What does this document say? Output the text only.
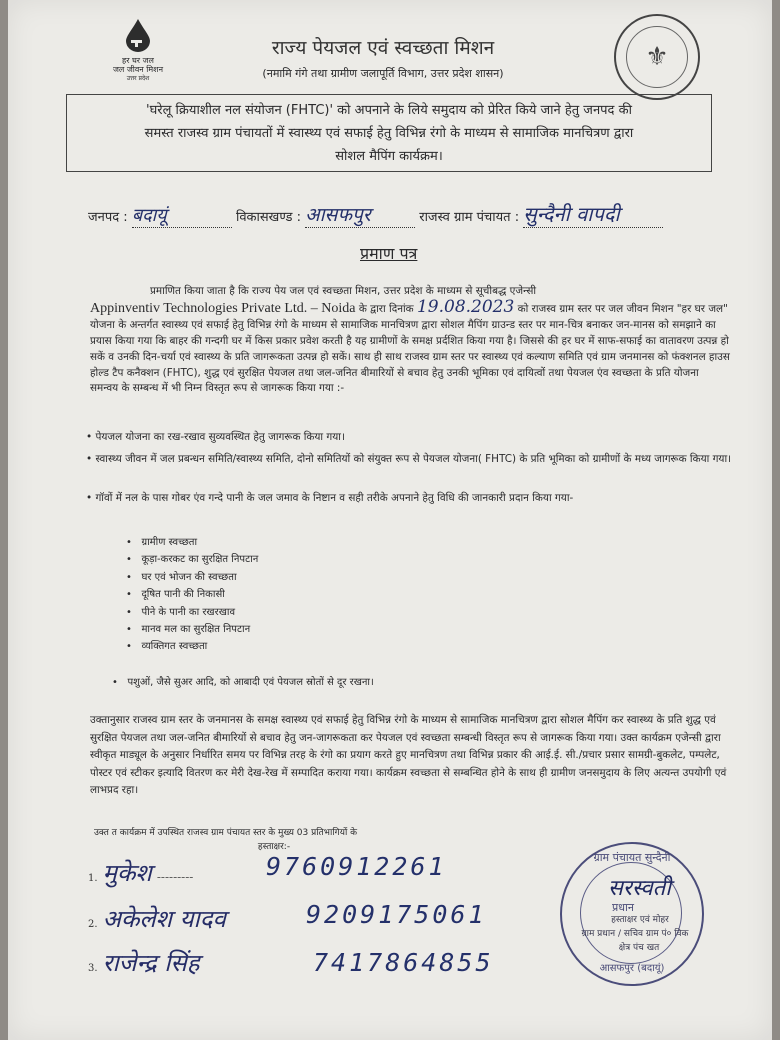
हर घर जल
जल जीवन मिशन
उत्तर प्रदेश
राज्य पेयजल एवं स्वच्छता मिशन
(नमामि गंगे तथा ग्रामीण जलापूर्ति विभाग, उत्तर प्रदेश शासन)
⚜
'घरेलू क्रियाशील नल संयोजन (FHTC)' को अपनाने के लिये समुदाय को प्रेरित किये जाने हेतु जनपद की
समस्त राजस्व ग्राम पंचायतों में स्वास्थ्य एवं सफाई हेतु विभिन्न रंगो के माध्यम से सामाजिक मानचित्रण द्वारा
सोशल मैपिंग कार्यक्रम।
जनपद : बदायूं	विकासखण्ड : आसफपुर	राजस्व ग्राम पंचायत : सुन्दैनी वापदी
प्रमाण पत्र
प्रमाणित किया जाता है कि राज्य पेय जल एवं स्वच्छता मिशन, उत्तर प्रदेश के माध्यम से सूचीबद्ध एजेन्सी
Appinventiv Technologies Private Ltd. – Noida के द्वारा दिनांक 19.08.2023 को राजस्व ग्राम स्तर पर जल जीवन मिशन "हर घर जल" योजना के अन्तर्गत स्वास्थ्य एवं सफाई हेतु विभिन्न रंगो के माध्यम से सामाजिक मानचित्रण द्वारा सोशल मैपिंग ग्राउन्ड स्तर पर मान-चित्र बनाकर जन-मानस को समझाने का प्रयास किया गया कि बाहर की गन्दगी घर में किस प्रकार प्रवेश करती है यह ग्रामीणों के समक्ष प्रर्दशित किया गया है। जिससे की हर घर में साफ-सफाई का वातावरण उत्पन्न हो सकें व उनकी दिन-चर्या एवं स्वास्थ्य के प्रति जागरूकता उत्पन्न हो सकें। साथ ही साथ राजस्व ग्राम स्तर पर स्वास्थ्य एवं कल्याण समिति एवं ग्राम जनमानस को फंक्शनल हाउस होल्ड टैप कनैक्शन (FHTC), शुद्ध एवं सुरक्षित पेयजल तथा जल-जनित बीमारियों से बचाव हेतु उनकी भूमिका एवं दायित्वों तथा पेयजल एंव स्वच्छता के प्रति योजना समन्वय के सम्बन्ध में भी निम्न विस्तृत रूप से जागरूक किया गया :-
• पेयजल योजना का रख-रखाव सुव्यवस्थित हेतु जागरूक किया गया।
• स्वास्थ्य जीवन में जल प्रबन्धन समिति/स्वास्थ्य समिति, दोनो समितियों को संयुक्त रूप से पेयजल योजना( FHTC) के प्रति भूमिका को ग्रामीणों के मध्य जागरूक किया गया।
• गॉवों में नल के पास गोबर एंव गन्दे पानी के जल जमाव के निष्टान व सही तरीके अपनाने हेतु विधि की जानकारी प्रदान किया गया-
•   ग्रामीण स्वच्छता
•   कूड़ा-करकट का सुरक्षित निपटान
•   घर एवं भोजन की स्वच्छता
•   दूषित पानी की निकासी
•   पीने के पानी का रखरखाव
•   मानव मल का सुरक्षित निपटान
•   व्यक्तिगत स्वच्छता
•   पशुओं, जैसे सुअर आदि, को आबादी एवं पेयजल स्रोतों से दूर रखना।
उक्तानुसार राजस्व ग्राम स्तर के जनमानस के समक्ष स्वास्थ्य एवं सफाई हेतु विभिन्न रंगो के माध्यम से सामाजिक मानचित्रण द्वारा सोशल मैपिंग कर स्वास्थ्य के प्रति शुद्ध एवं सुरक्षित पेयजल तथा जल-जनित बीमारियों से बचाव हेतु जन-जागरूकता कर पेयजल एवं स्वच्छता सम्बन्धी विस्तृत रूप से जागरूक किया गया। उक्त कार्यक्रम एजेन्सी द्वारा स्वीकृत माड्यूल के अनुसार निर्धारित समय पर विभिन्न तरह के रंगो का प्रयाग करते हुए मानचित्रण तथा विभिन्न प्रकार की आई.ई. सी./प्रचार प्रसार सामग्री-बुकलेट, पम्पलेट, पोस्टर एवं स्टीकर इत्यादि वितरण कर मेरी देख-रेख में सम्पादित कराया गया। कार्यक्रम स्वच्छता से सम्बन्धित होने के साथ ही ग्रामीण जनसमुदाय के लिए अत्यन्त उपयोगी एवं लाभप्रद रहा।
उक्त त कार्यक्रम में उपस्थित राजस्व ग्राम पंचायत स्तर के मुख्य 03 प्रतिभागियों के
हस्ताक्षर:-
1. मुकेश ---------	9760912261
2. अकेलेश यादव	9209175061
3. राजेन्द्र सिंह	7417864855
ग्राम पंचायत सुन्दैनी
सरस्वती
प्रधान
आसफपुर (बदायूं)
हस्ताक्षर एवं मोहर
ग्राम प्रधान / सचिव ग्राम पं० विक
क्षेत्र पंच खत
